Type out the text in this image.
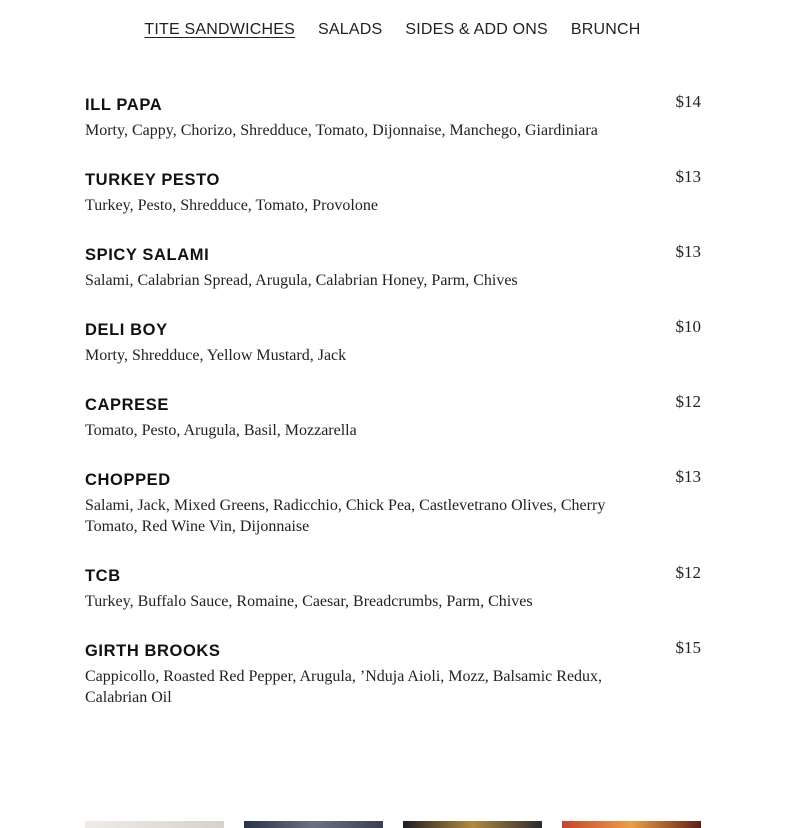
TITE SANDWICHES SALADS SIDES & ADD ONS BRUNCH
ILL PAPA	$14
Morty, Cappy, Chorizo, Shredduce, Tomato, Dijonnaise, Manchego, Giardiniara
TURKEY PESTO	$13
Turkey, Pesto, Shredduce, Tomato, Provolone
SPICY SALAMI	$13
Salami, Calabrian Spread, Arugula, Calabrian Honey, Parm, Chives
DELI BOY	$10
Morty, Shredduce, Yellow Mustard, Jack
CAPRESE	$12
Tomato, Pesto, Arugula, Basil, Mozzarella
CHOPPED	$13
Salami, Jack, Mixed Greens, Radicchio, Chick Pea, Castlevetrano Olives, Cherry Tomato, Red Wine Vin, Dijonnaise
TCB	$12
Turkey, Buffalo Sauce, Romaine, Caesar, Breadcrumbs, Parm, Chives
GIRTH BROOKS	$15
Cappicollo, Roasted Red Pepper, Arugula, ’Nduja Aioli, Mozz, Balsamic Redux, Calabrian Oil
